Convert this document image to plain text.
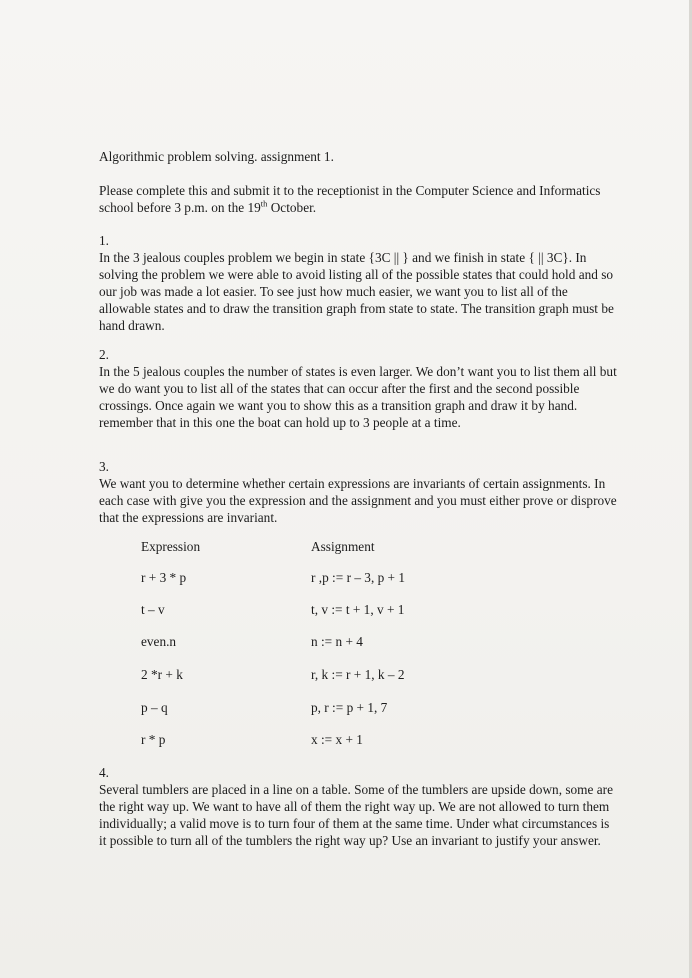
Algorithmic problem solving. assignment 1.

Please complete this and submit it to the receptionist in the Computer Science and Informatics school before 3 p.m. on the 19th October.

1.

In the 3 jealous couples problem we begin in state {3C || } and we finish in state { || 3C}. In solving the problem we were able to avoid listing all of the possible states that could hold and so our job was made a lot easier. To see just how much easier, we want you to list all of the allowable states and to draw the transition graph from state to state. The transition graph must be hand drawn.

2.

In the 5 jealous couples the number of states is even larger. We don’t want you to list them all but we do want you to list all of the states that can occur after the first and the second possible crossings. Once again we want you to show this as a transition graph and draw it by hand. remember that in this one the boat can hold up to 3 people at a time.

3.

We want you to determine whether certain expressions are invariants of certain assignments. In each case with give you the expression and the assignment and you must either prove or disprove that the expressions are invariant.

Expression	Assignment
r + 3 * p	r ,p := r – 3, p + 1
t – v	t, v := t + 1, v + 1
even.n	n := n + 4
2 *r + k	r, k := r + 1, k – 2
p – q	p, r := p + 1, 7
r * p	x := x + 1
4.

Several tumblers are placed in a line on a table. Some of the tumblers are upside down, some are the right way up. We want to have all of them the right way up. We are not allowed to turn them individually; a valid move is to turn four of them at the same time. Under what circumstances is it possible to turn all of the tumblers the right way up? Use an invariant to justify your answer.
